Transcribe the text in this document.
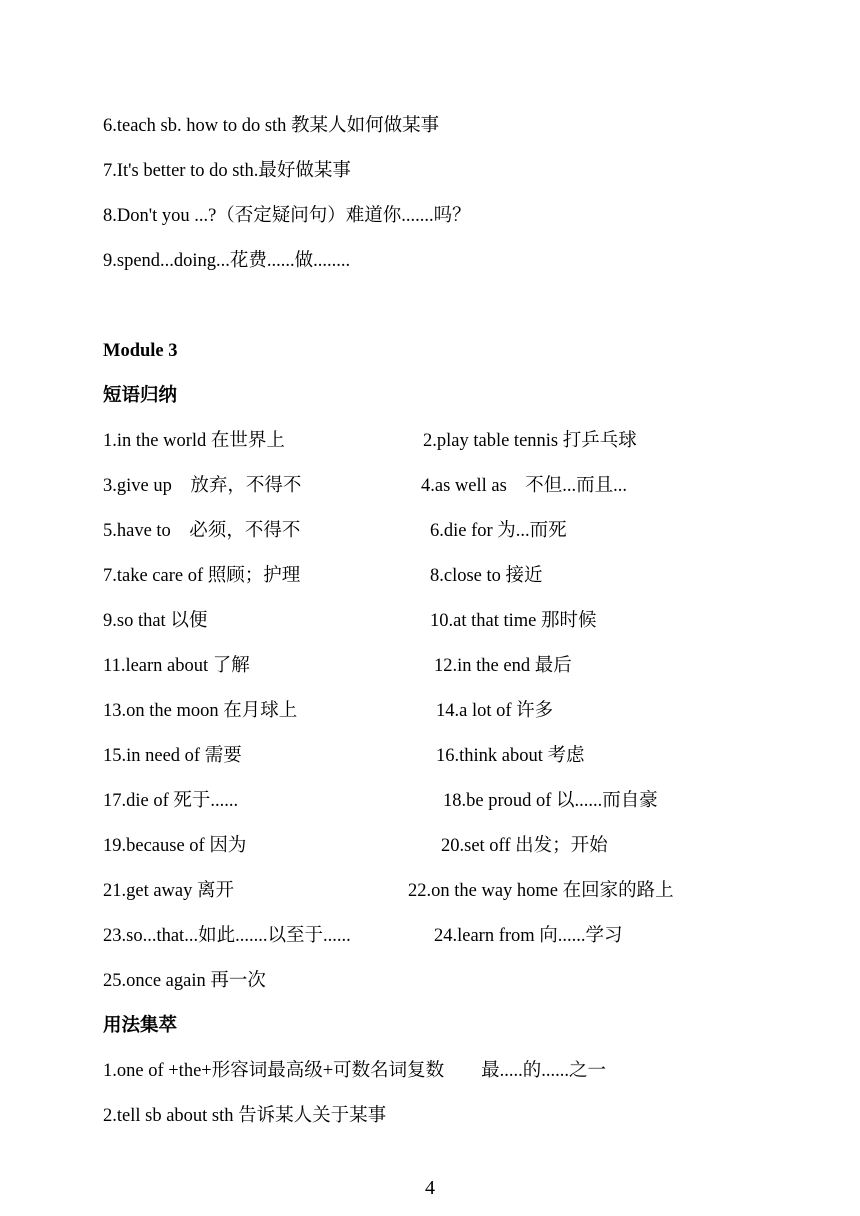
6.teach sb. how to do sth 教某人如何做某事
7.It's better to do sth.最好做某事
8.Don't you ...?（否定疑问句）难道你.......吗？
9.spend...doing...花费......做........
Module 3
短语归纳
1.in the world 在世界上	2.play table tennis 打乒乓球
3.give up　放弃，不得不	4.as well as　不但...而且...
5.have to　必须，不得不	6.die for 为...而死
7.take care of 照顾；护理	8.close to 接近
9.so that 以便	10.at that time 那时候
11.learn about 了解	12.in the end 最后
13.on the moon 在月球上	14.a lot of 许多
15.in need of 需要	16.think about 考虑
17.die of 死于......	18.be proud of 以......而自豪
19.because of 因为	20.set off 出发；开始
21.get away 离开	22.on the way home 在回家的路上
23.so...that...如此.......以至于......	24.learn from 向......学习
25.once again 再一次
用法集萃
1.one of +the+形容词最高级+可数名词复数　　最.....的......之一
2.tell sb about sth 告诉某人关于某事
4
